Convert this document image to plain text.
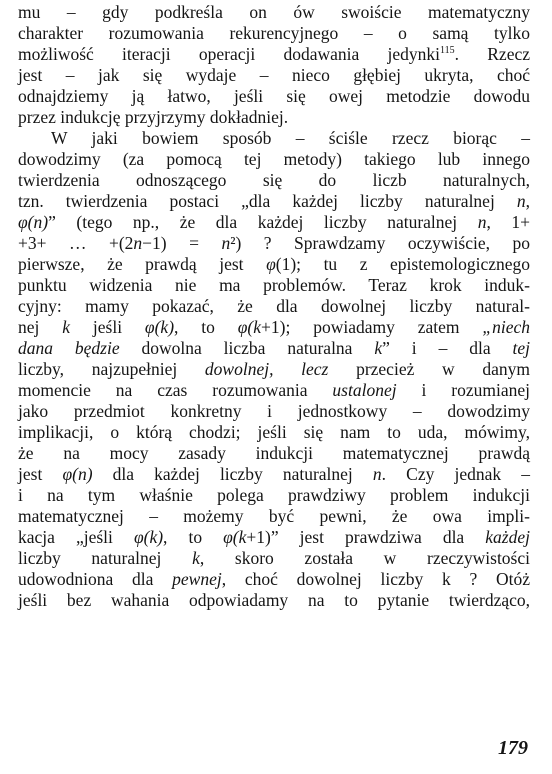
mu – gdy podkreśla on ów swoiście matematyczny
charakter rozumowania rekurencyjnego – o samą tylko
możliwość iteracji operacji dodawania jedynki$^{115}$. Rzecz
jest – jak się wydaje – nieco głębiej ukryta, choć
odnajdziemy ją łatwo, jeśli się owej metodzie dowodu
przez indukcję przyjrzymy dokładniej.
W jaki bowiem sposób – ściśle rzecz biorąc –
dowodzimy (za pomocą tej metody) takiego lub innego
twierdzenia odnoszącego się do liczb naturalnych,
tzn. twierdzenia postaci „dla każdej liczby naturalnej n,
φ(n)” (tego np., że dla każdej liczby naturalnej n, 1+
+3+ … +(2n−1) = n²) ? Sprawdzamy oczywiście, po
pierwsze, że prawdą jest φ(1); tu z epistemologicznego
punktu widzenia nie ma problemów. Teraz krok induk-
cyjny: mamy pokazać, że dla dowolnej liczby natural-
nej k jeśli φ(k), to φ(k+1); powiadamy zatem „niech
dana będzie dowolna liczba naturalna k” i – dla tej
liczby, najzupełniej dowolnej, lecz przecież w danym
momencie na czas rozumowania ustalonej i rozumianej
jako przedmiot konkretny i jednostkowy – dowodzimy
implikacji, o którą chodzi; jeśli się nam to uda, mówimy,
że na mocy zasady indukcji matematycznej prawdą
jest φ(n) dla każdej liczby naturalnej n. Czy jednak –
i na tym właśnie polega prawdziwy problem indukcji
matematycznej – możemy być pewni, że owa impli-
kacja „jeśli φ(k), to φ(k+1)” jest prawdziwa dla każdej
liczby naturalnej k, skoro została w rzeczywistości
udowodniona dla pewnej, choć dowolnej liczby k ? Otóż
jeśli bez wahania odpowiadamy na to pytanie twierdząco,
179
